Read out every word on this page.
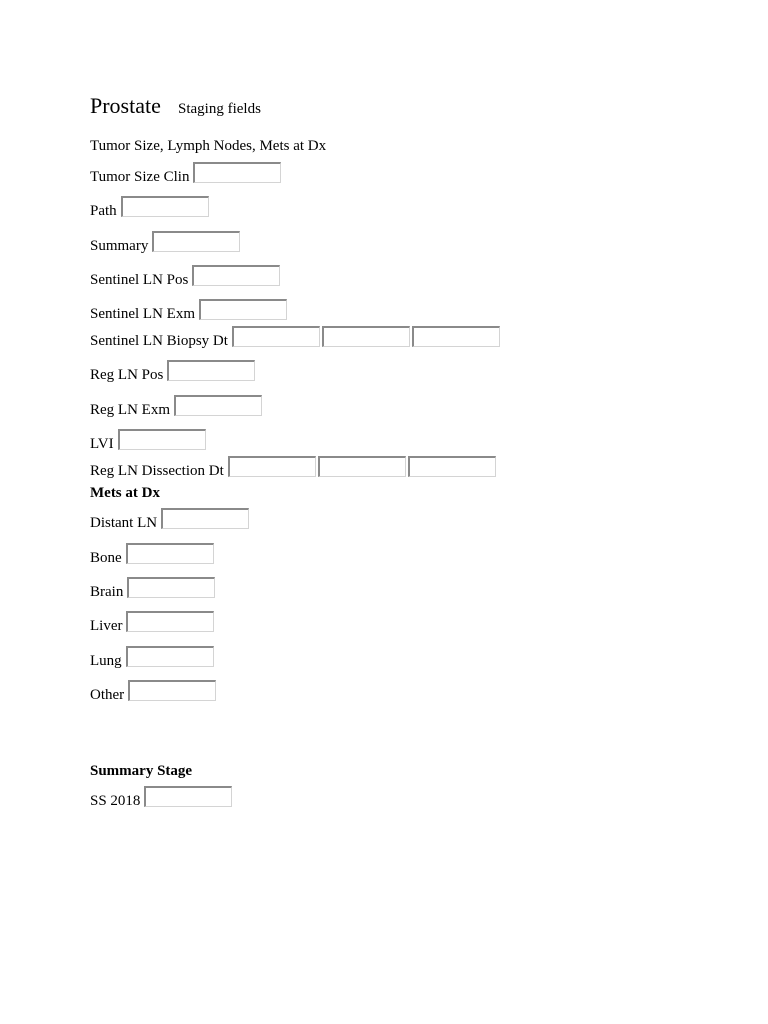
Prostate Staging fields
Tumor Size, Lymph Nodes, Mets at Dx
Tumor Size Clin
Path
Summary
Sentinel LN Pos
Sentinel LN Exm
Sentinel LN Biopsy Dt
Reg LN Pos
Reg LN Exm
LVI
Reg LN Dissection Dt
Mets at Dx
Distant LN
Bone
Brain
Liver
Lung
Other
Summary Stage
SS 2018
